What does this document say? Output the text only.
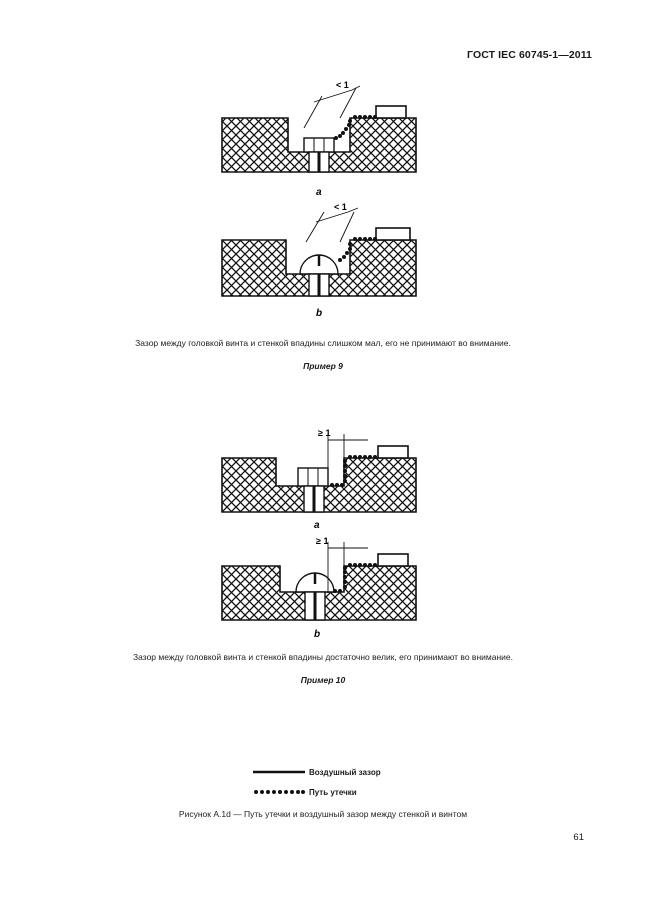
ГОСТ IEC 60745-1—2011
< 1
a
< 1
b
Зазор между головкой винта и стенкой впадины слишком мал, его не принимают во внимание.
Пример 9
≥ 1
a
≥ 1
b
Зазор между головкой винта и стенкой впадины достаточно велик, его принимают во внимание.
Пример 10
Воздушный зазор
Путь утечки
Рисунок A.1d — Путь утечки и воздушный зазор между стенкой и винтом
61
